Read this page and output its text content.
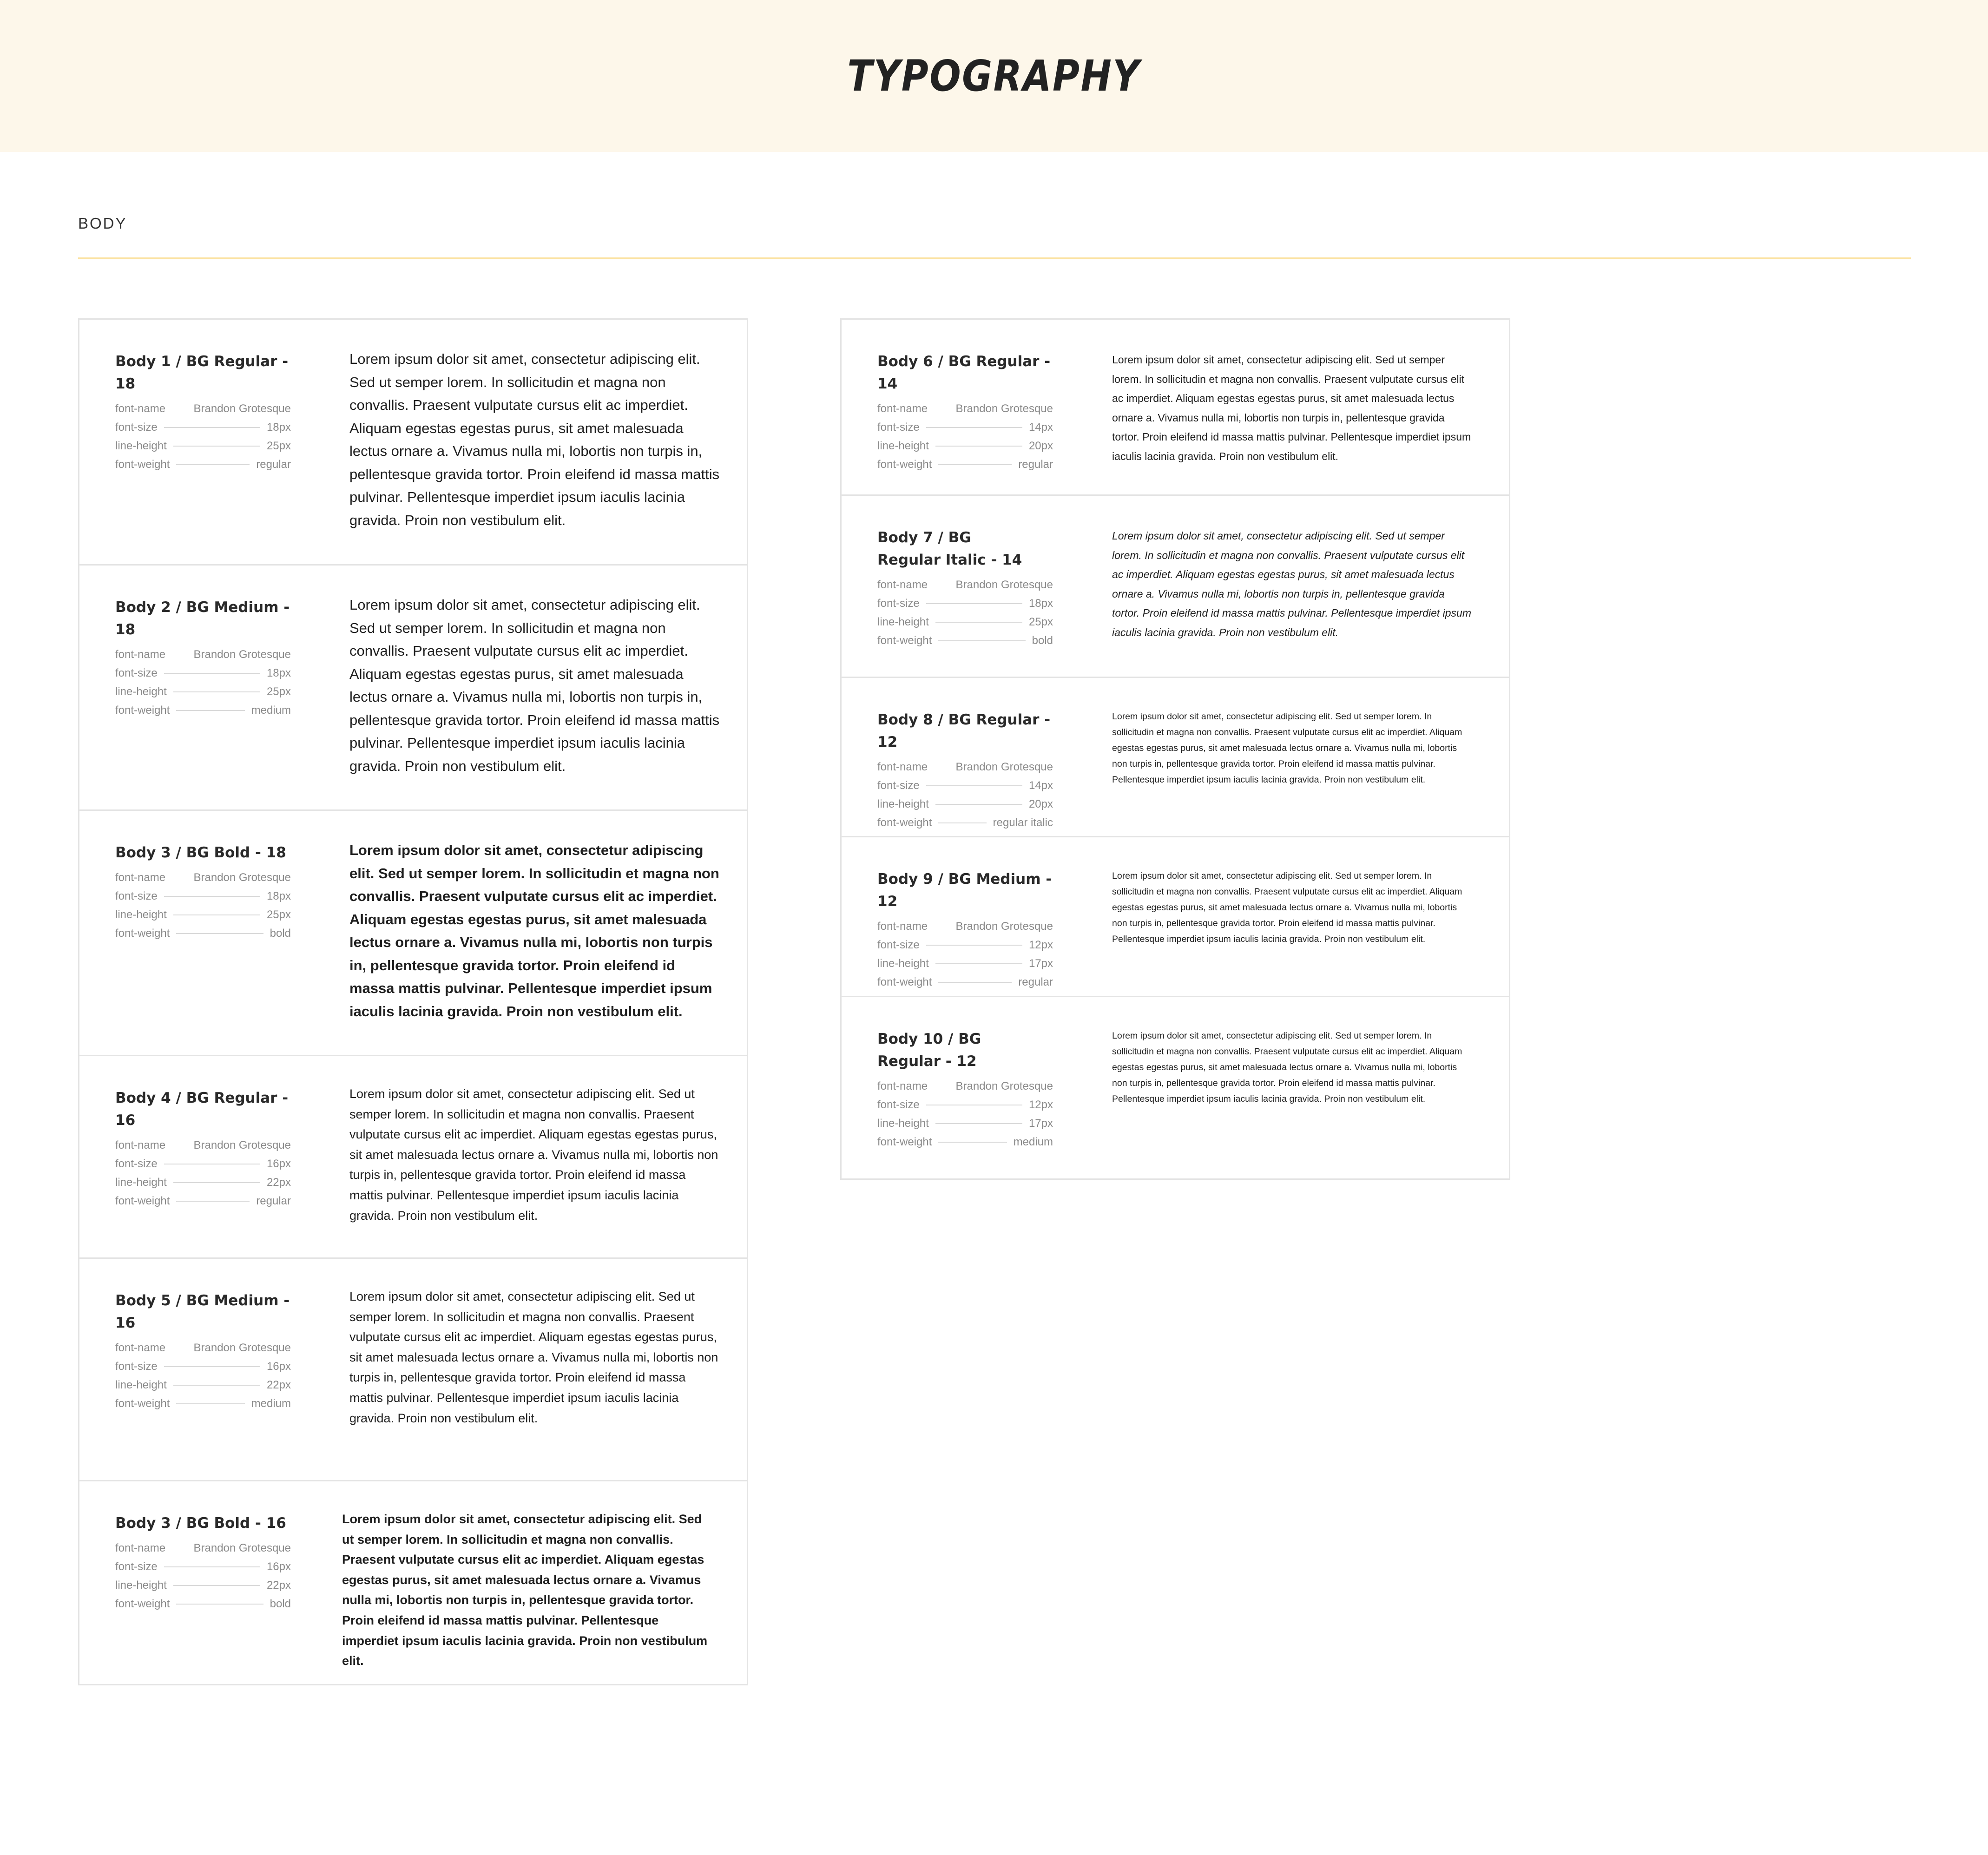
TYPOGRAPHY
BODY
Body 1 / BG Regular - 18
font-name	Brandon Grotesque
font-size	18px
line-height	25px
font-weight	regular
Lorem ipsum dolor sit amet, consectetur adipiscing elit. Sed ut semper lorem. In sollicitudin et magna non convallis. Praesent vulputate cursus elit ac imperdiet. Aliquam egestas egestas purus, sit amet malesuada lectus ornare a. Vivamus nulla mi, lobortis non turpis in, pellentesque gravida tortor. Proin eleifend id massa mattis pulvinar. Pellentesque imperdiet ipsum iaculis lacinia gravida. Proin non vestibulum elit.
Body 2 / BG Medium - 18
font-name	Brandon Grotesque
font-size	18px
line-height	25px
font-weight	medium
Lorem ipsum dolor sit amet, consectetur adipiscing elit. Sed ut semper lorem. In sollicitudin et magna non convallis. Praesent vulputate cursus elit ac imperdiet. Aliquam egestas egestas purus, sit amet malesuada lectus ornare a. Vivamus nulla mi, lobortis non turpis in, pellentesque gravida tortor. Proin eleifend id massa mattis pulvinar. Pellentesque imperdiet ipsum iaculis lacinia gravida. Proin non vestibulum elit.
Body 3 / BG Bold - 18
font-name	Brandon Grotesque
font-size	18px
line-height	25px
font-weight	bold
Lorem ipsum dolor sit amet, consectetur adipiscing elit. Sed ut semper lorem. In sollicitudin et magna non convallis. Praesent vulputate cursus elit ac imperdiet. Aliquam egestas egestas purus, sit amet malesuada lectus ornare a. Vivamus nulla mi, lobortis non turpis in, pellentesque gravida tortor. Proin eleifend id massa mattis pulvinar. Pellentesque imperdiet ipsum iaculis lacinia gravida. Proin non vestibulum elit.
Body 4 / BG Regular - 16
font-name	Brandon Grotesque
font-size	16px
line-height	22px
font-weight	regular
Lorem ipsum dolor sit amet, consectetur adipiscing elit. Sed ut semper lorem. In sollicitudin et magna non convallis. Praesent vulputate cursus elit ac imperdiet. Aliquam egestas egestas purus, sit amet malesuada lectus ornare a. Vivamus nulla mi, lobortis non turpis in, pellentesque gravida tortor. Proin eleifend id massa mattis pulvinar. Pellentesque imperdiet ipsum iaculis lacinia gravida. Proin non vestibulum elit.
Body 5 / BG Medium - 16
font-name	Brandon Grotesque
font-size	16px
line-height	22px
font-weight	medium
Lorem ipsum dolor sit amet, consectetur adipiscing elit. Sed ut semper lorem. In sollicitudin et magna non convallis. Praesent vulputate cursus elit ac imperdiet. Aliquam egestas egestas purus, sit amet malesuada lectus ornare a. Vivamus nulla mi, lobortis non turpis in, pellentesque gravida tortor. Proin eleifend id massa mattis pulvinar. Pellentesque imperdiet ipsum iaculis lacinia gravida. Proin non vestibulum elit.
Body 3 / BG Bold - 16
font-name	Brandon Grotesque
font-size	16px
line-height	22px
font-weight	bold
Lorem ipsum dolor sit amet, consectetur adipiscing elit. Sed ut semper lorem. In sollicitudin et magna non convallis. Praesent vulputate cursus elit ac imperdiet. Aliquam egestas egestas purus, sit amet malesuada lectus ornare a. Vivamus nulla mi, lobortis non turpis in, pellentesque gravida tortor. Proin eleifend id massa mattis pulvinar. Pellentesque imperdiet ipsum iaculis lacinia gravida. Proin non vestibulum elit.
Body 6 / BG Regular - 14
font-name	Brandon Grotesque
font-size	14px
line-height	20px
font-weight	regular
Lorem ipsum dolor sit amet, consectetur adipiscing elit. Sed ut semper lorem. In sollicitudin et magna non convallis. Praesent vulputate cursus elit ac imperdiet. Aliquam egestas egestas purus, sit amet malesuada lectus ornare a. Vivamus nulla mi, lobortis non turpis in, pellentesque gravida tortor. Proin eleifend id massa mattis pulvinar. Pellentesque imperdiet ipsum iaculis lacinia gravida. Proin non vestibulum elit.
Body 7 / BG Regular Italic - 14
font-name	Brandon Grotesque
font-size	18px
line-height	25px
font-weight	bold
Lorem ipsum dolor sit amet, consectetur adipiscing elit. Sed ut semper lorem. In sollicitudin et magna non convallis. Praesent vulputate cursus elit ac imperdiet. Aliquam egestas egestas purus, sit amet malesuada lectus ornare a. Vivamus nulla mi, lobortis non turpis in, pellentesque gravida tortor. Proin eleifend id massa mattis pulvinar. Pellentesque imperdiet ipsum iaculis lacinia gravida. Proin non vestibulum elit.
Body 8 / BG Regular - 12
font-name	Brandon Grotesque
font-size	14px
line-height	20px
font-weight	regular italic
Lorem ipsum dolor sit amet, consectetur adipiscing elit. Sed ut semper lorem. In sollicitudin et magna non convallis. Praesent vulputate cursus elit ac imperdiet. Aliquam egestas egestas purus, sit amet malesuada lectus ornare a. Vivamus nulla mi, lobortis non turpis in, pellentesque gravida tortor. Proin eleifend id massa mattis pulvinar. Pellentesque imperdiet ipsum iaculis lacinia gravida. Proin non vestibulum elit.
Body 9 / BG Medium - 12
font-name	Brandon Grotesque
font-size	12px
line-height	17px
font-weight	regular
Lorem ipsum dolor sit amet, consectetur adipiscing elit. Sed ut semper lorem. In sollicitudin et magna non convallis. Praesent vulputate cursus elit ac imperdiet. Aliquam egestas egestas purus, sit amet malesuada lectus ornare a. Vivamus nulla mi, lobortis non turpis in, pellentesque gravida tortor. Proin eleifend id massa mattis pulvinar. Pellentesque imperdiet ipsum iaculis lacinia gravida. Proin non vestibulum elit.
Body 10 / BG Regular - 12
font-name	Brandon Grotesque
font-size	12px
line-height	17px
font-weight	medium
Lorem ipsum dolor sit amet, consectetur adipiscing elit. Sed ut semper lorem. In sollicitudin et magna non convallis. Praesent vulputate cursus elit ac imperdiet. Aliquam egestas egestas purus, sit amet malesuada lectus ornare a. Vivamus nulla mi, lobortis non turpis in, pellentesque gravida tortor. Proin eleifend id massa mattis pulvinar. Pellentesque imperdiet ipsum iaculis lacinia gravida. Proin non vestibulum elit.
